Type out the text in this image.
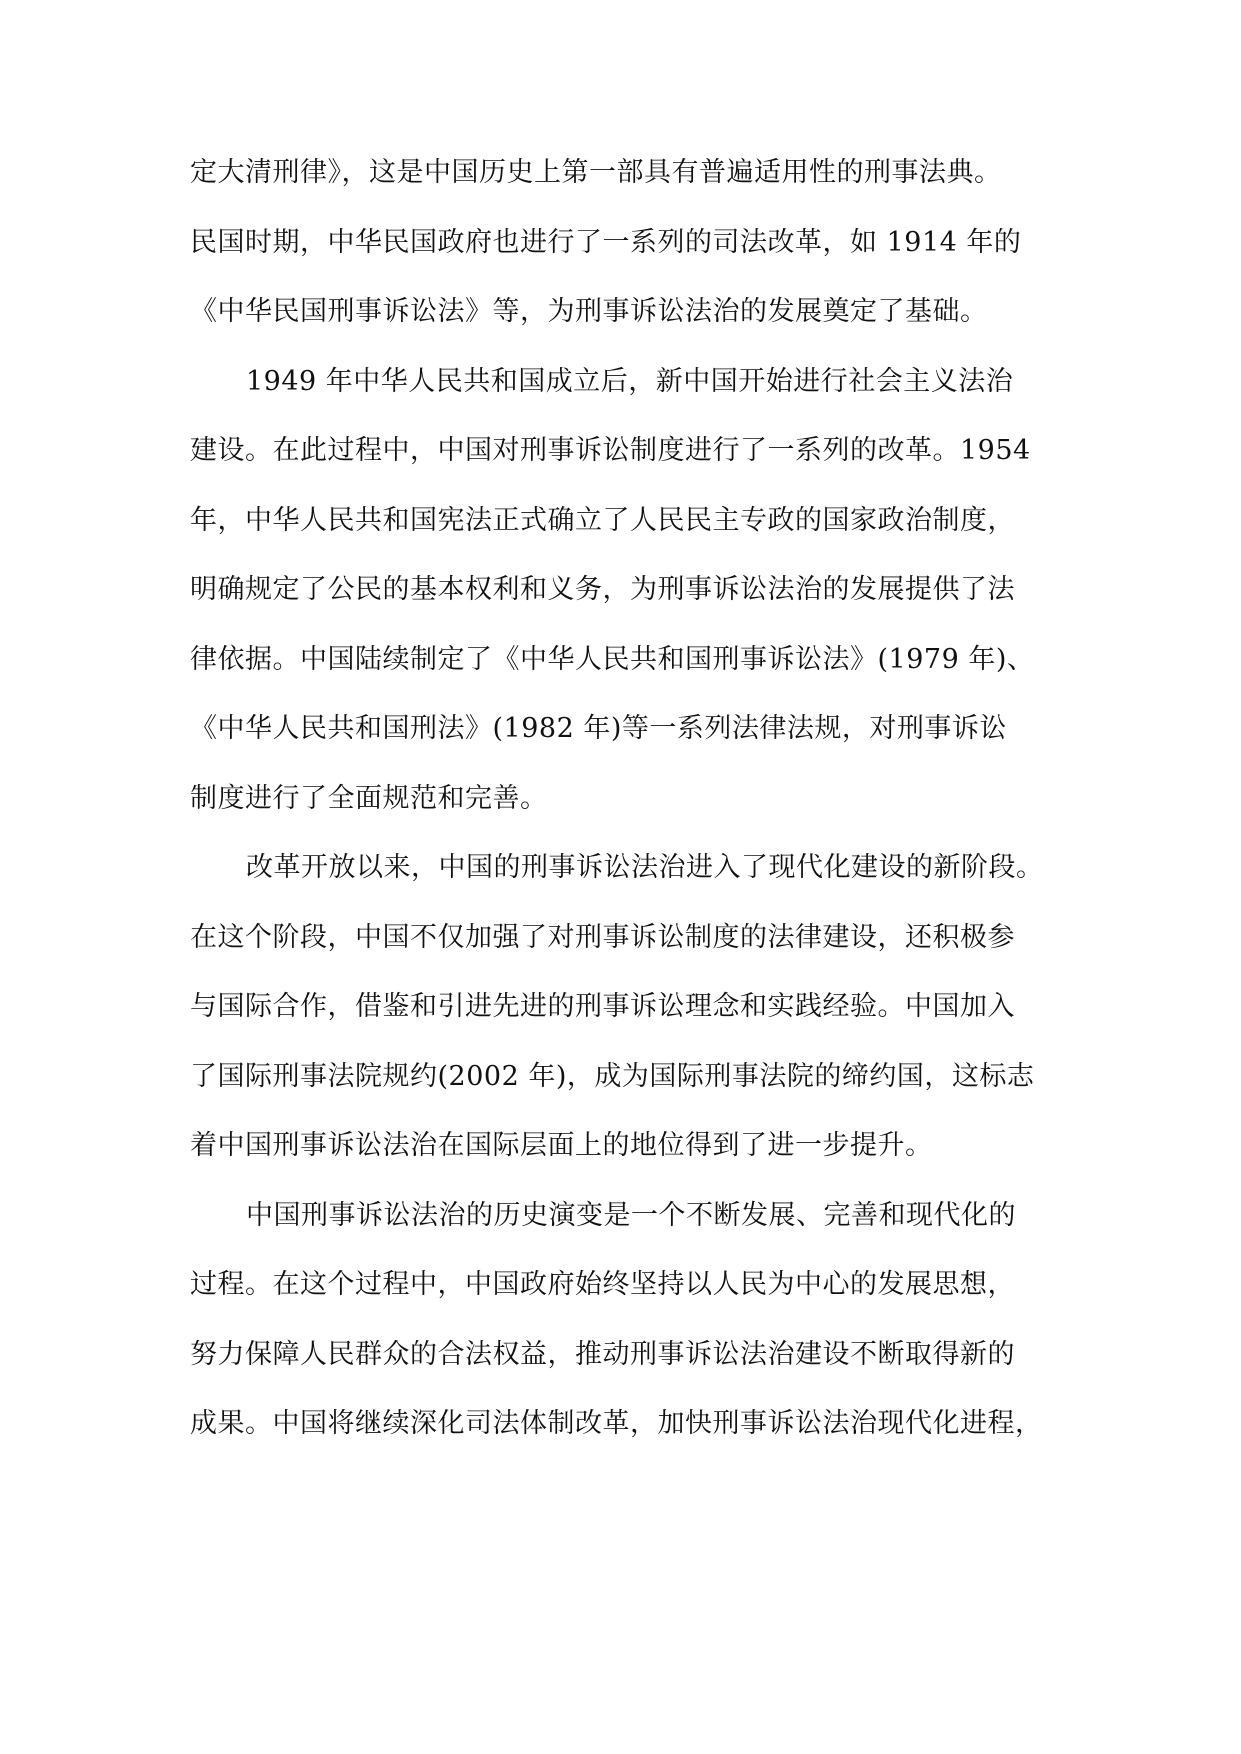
定大清刑律》，这是中国历史上第一部具有普遍适用性的刑事法典。
民国时期，中华民国政府也进行了一系列的司法改革，如 1914 年的
《中华民国刑事诉讼法》等，为刑事诉讼法治的发展奠定了基础。
1949 年中华人民共和国成立后，新中国开始进行社会主义法治
建设。在此过程中，中国对刑事诉讼制度进行了一系列的改革。1954
年，中华人民共和国宪法正式确立了人民民主专政的国家政治制度，
明确规定了公民的基本权利和义务，为刑事诉讼法治的发展提供了法
律依据。中国陆续制定了《中华人民共和国刑事诉讼法》(1979 年)、
《中华人民共和国刑法》(1982 年)等一系列法律法规，对刑事诉讼
制度进行了全面规范和完善。
改革开放以来，中国的刑事诉讼法治进入了现代化建设的新阶段。
在这个阶段，中国不仅加强了对刑事诉讼制度的法律建设，还积极参
与国际合作，借鉴和引进先进的刑事诉讼理念和实践经验。中国加入
了国际刑事法院规约(2002 年)，成为国际刑事法院的缔约国，这标志
着中国刑事诉讼法治在国际层面上的地位得到了进一步提升。
中国刑事诉讼法治的历史演变是一个不断发展、完善和现代化的
过程。在这个过程中，中国政府始终坚持以人民为中心的发展思想，
努力保障人民群众的合法权益，推动刑事诉讼法治建设不断取得新的
成果。中国将继续深化司法体制改革，加快刑事诉讼法治现代化进程，
